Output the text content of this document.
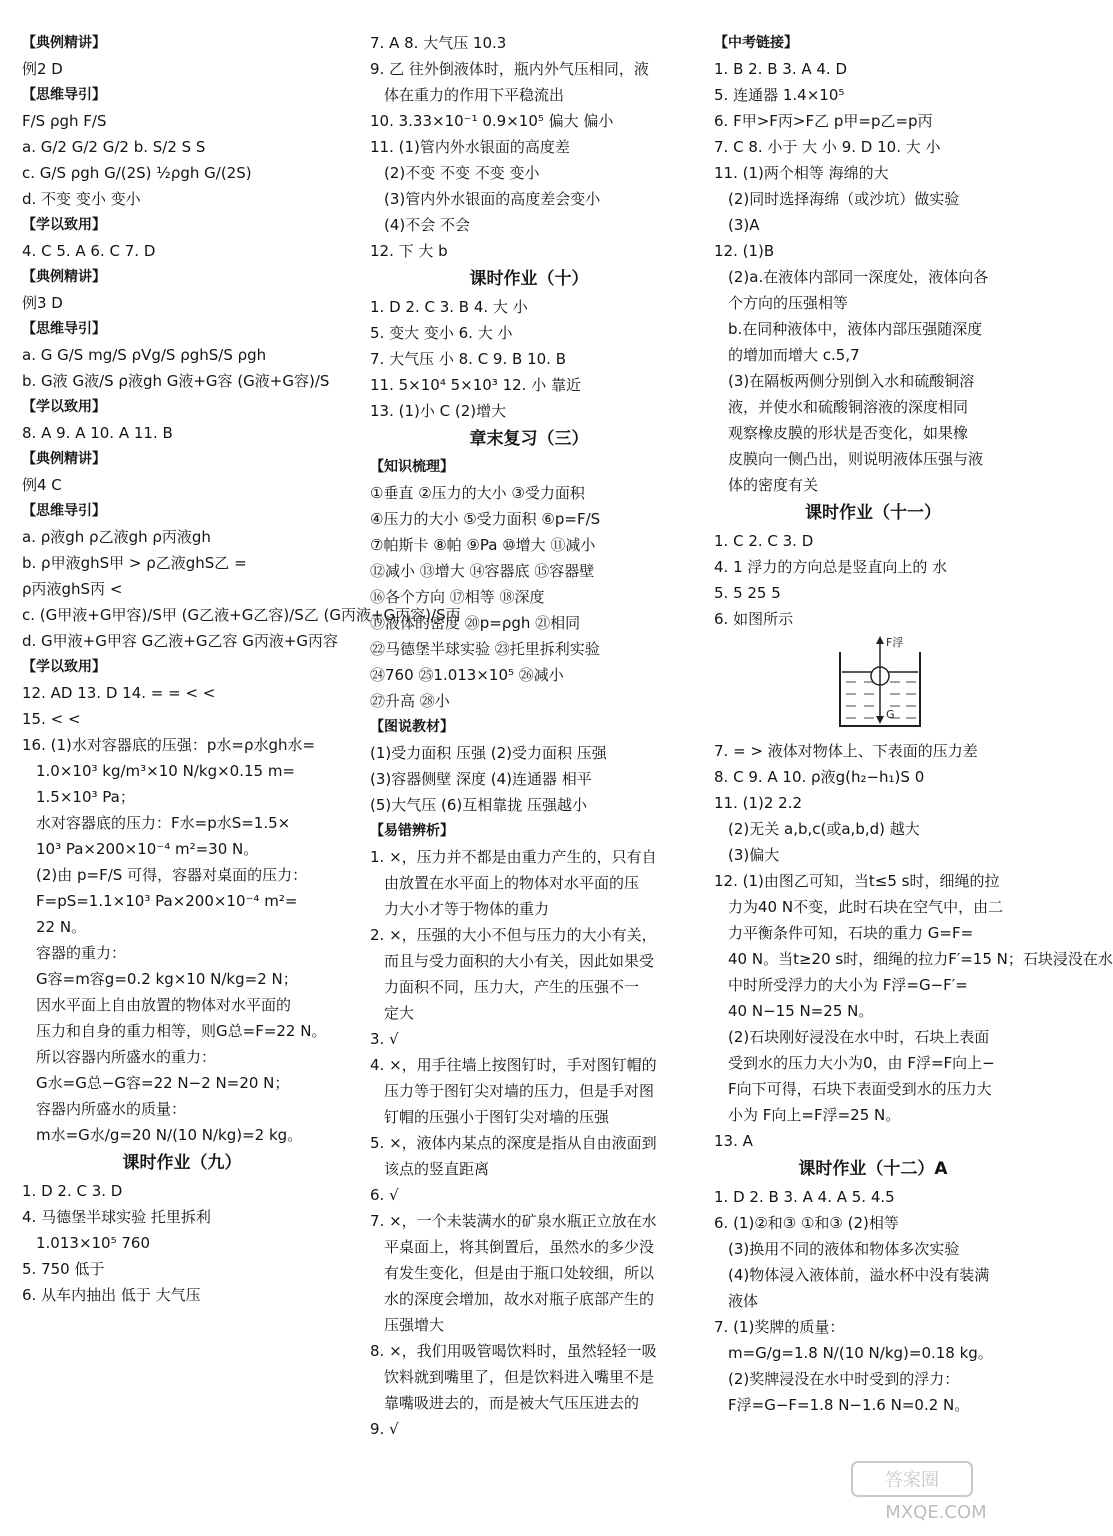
【典例精讲】
例2 D
【思维导引】
F/S ρgh F/S
a. G/2 G/2 G/2 b. S/2 S S
c. G/S ρgh G/(2S) ½ρgh G/(2S)
d. 不变 变小 变小
【学以致用】
4. C 5. A 6. C 7. D
【典例精讲】
例3 D
【思维导引】
a. G G/S mg/S ρVg/S ρghS/S ρgh
b. G液 G液/S ρ液gh G液+G容 (G液+G容)/S
【学以致用】
8. A 9. A 10. A 11. B
【典例精讲】
例4 C
【思维导引】
a. ρ液gh ρ乙液gh ρ丙液gh
b. ρ甲液ghS甲 > ρ乙液ghS乙 =
ρ丙液ghS丙 <
c. (G甲液+G甲容)/S甲 (G乙液+G乙容)/S乙 (G丙液+G丙容)/S丙
d. G甲液+G甲容 G乙液+G乙容 G丙液+G丙容
【学以致用】
12. AD 13. D 14. = = < <
15. < <
16. (1)水对容器底的压强：p水=ρ水gh水=
1.0×10³ kg/m³×10 N/kg×0.15 m=
1.5×10³ Pa；
水对容器底的压力：F水=p水S=1.5×
10³ Pa×200×10⁻⁴ m²=30 N。
(2)由 p=F/S 可得，容器对桌面的压力：
F=pS=1.1×10³ Pa×200×10⁻⁴ m²=
22 N。
容器的重力：
G容=m容g=0.2 kg×10 N/kg=2 N；
因水平面上自由放置的物体对水平面的
压力和自身的重力相等，则G总=F=22 N。
所以容器内所盛水的重力：
G水=G总−G容=22 N−2 N=20 N；
容器内所盛水的质量：
m水=G水/g=20 N/(10 N/kg)=2 kg。
课时作业（九）
1. D 2. C 3. D
4. 马德堡半球实验 托里拆利
1.013×10⁵ 760
5. 750 低于
6. 从车内抽出 低于 大气压
7. A 8. 大气压 10.3
9. 乙 往外倒液体时，瓶内外气压相同，液
体在重力的作用下平稳流出
10. 3.33×10⁻¹ 0.9×10⁵ 偏大 偏小
11. (1)管内外水银面的高度差
(2)不变 不变 不变 变小
(3)管内外水银面的高度差会变小
(4)不会 不会
12. 下 大 b
课时作业（十）
1. D 2. C 3. B 4. 大 小
5. 变大 变小 6. 大 小
7. 大气压 小 8. C 9. B 10. B
11. 5×10⁴ 5×10³ 12. 小 靠近
13. (1)小 C (2)增大
章末复习（三）
【知识梳理】
①垂直 ②压力的大小 ③受力面积
④压力的大小 ⑤受力面积 ⑥p=F/S
⑦帕斯卡 ⑧帕 ⑨Pa ⑩增大 ⑪减小
⑫减小 ⑬增大 ⑭容器底 ⑮容器壁
⑯各个方向 ⑰相等 ⑱深度
⑲液体的密度 ⑳p=ρgh ㉑相同
㉒马德堡半球实验 ㉓托里拆利实验
㉔760 ㉕1.013×10⁵ ㉖减小
㉗升高 ㉘小
【图说教材】
(1)受力面积 压强 (2)受力面积 压强
(3)容器侧壁 深度 (4)连通器 相平
(5)大气压 (6)互相靠拢 压强越小
【易错辨析】
1. ×，压力并不都是由重力产生的，只有自
由放置在水平面上的物体对水平面的压
力大小才等于物体的重力
2. ×，压强的大小不但与压力的大小有关，
而且与受力面积的大小有关，因此如果受
力面积不同，压力大，产生的压强不一
定大
3. √
4. ×，用手往墙上按图钉时，手对图钉帽的
压力等于图钉尖对墙的压力，但是手对图
钉帽的压强小于图钉尖对墙的压强
5. ×，液体内某点的深度是指从自由液面到
该点的竖直距离
6. √
7. ×，一个未装满水的矿泉水瓶正立放在水
平桌面上，将其倒置后，虽然水的多少没
有发生变化，但是由于瓶口处较细，所以
水的深度会增加，故水对瓶子底部产生的
压强增大
8. ×，我们用吸管喝饮料时，虽然轻轻一吸
饮料就到嘴里了，但是饮料进入嘴里不是
靠嘴吸进去的，而是被大气压压进去的
9. √
【中考链接】
1. B 2. B 3. A 4. D
5. 连通器 1.4×10⁵
6. F甲>F丙>F乙 p甲=p乙=p丙
7. C 8. 小于 大 小 9. D 10. 大 小
11. (1)两个相等 海绵的大
(2)同时选择海绵（或沙坑）做实验
(3)A
12. (1)B
(2)a.在液体内部同一深度处，液体向各
个方向的压强相等
b.在同种液体中，液体内部压强随深度
的增加而增大 c.5,7
(3)在隔板两侧分别倒入水和硫酸铜溶
液，并使水和硫酸铜溶液的深度相同
观察橡皮膜的形状是否变化，如果橡
皮膜向一侧凸出，则说明液体压强与液
体的密度有关
课时作业（十一）
1. C 2. C 3. D
4. 1 浮力的方向总是竖直向上的 水
5. 5 25 5
6. 如图所示
F浮
G
7. = > 液体对物体上、下表面的压力差
8. C 9. A 10. ρ液g(h₂−h₁)S 0
11. (1)2 2.2
(2)无关 a,b,c(或a,b,d) 越大
(3)偏大
12. (1)由图乙可知，当t≤5 s时，细绳的拉
力为40 N不变，此时石块在空气中，由二
力平衡条件可知，石块的重力 G=F=
40 N。当t≥20 s时，细绳的拉力F′=15 N；石块浸没在水
中时所受浮力的大小为 F浮=G−F′=
40 N−15 N=25 N。
(2)石块刚好浸没在水中时，石块上表面
受到水的压力大小为0，由 F浮=F向上−
F向下可得，石块下表面受到水的压力大
小为 F向上=F浮=25 N。
13. A
课时作业（十二）A
1. D 2. B 3. A 4. A 5. 4.5
6. (1)②和③ ①和③ (2)相等
(3)换用不同的液体和物体多次实验
(4)物体浸入液体前，溢水杯中没有装满
液体
7. (1)奖牌的质量：
m=G/g=1.8 N/(10 N/kg)=0.18 kg。
(2)奖牌浸没在水中时受到的浮力：
F浮=G−F=1.8 N−1.6 N=0.2 N。
答案圈
MXQE.COM
